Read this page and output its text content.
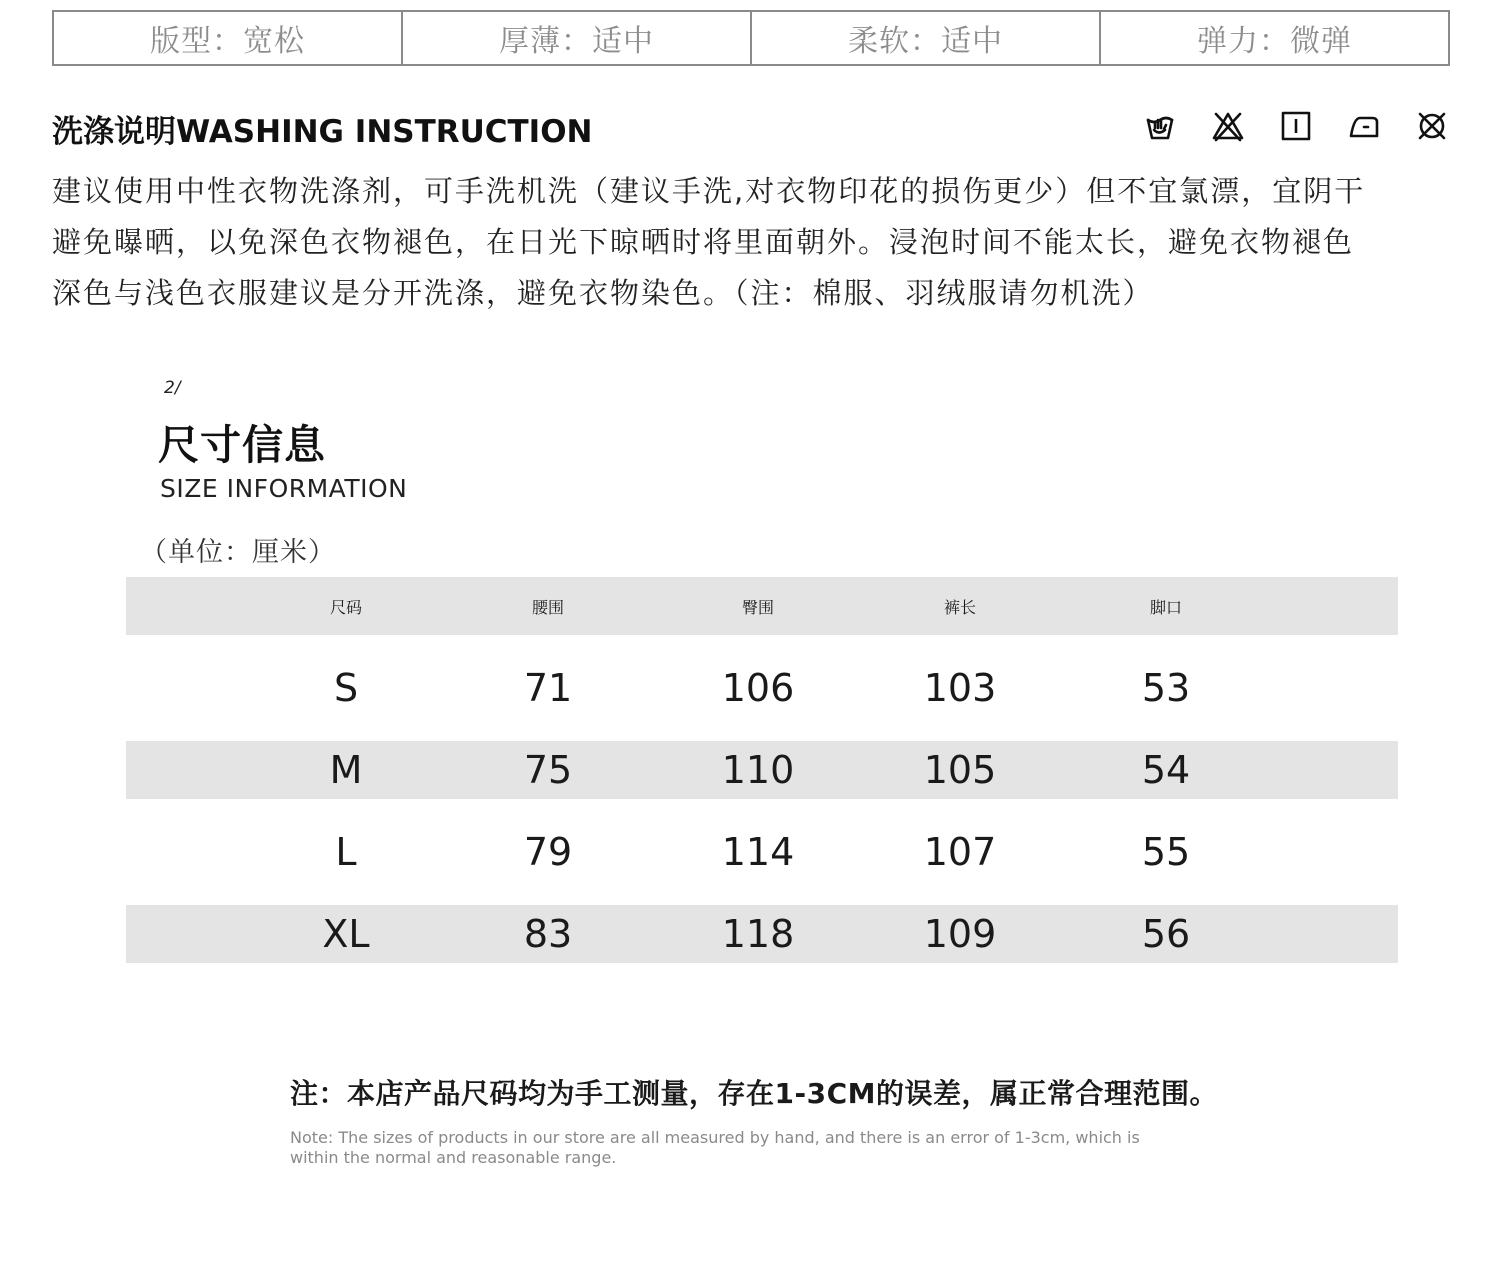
版型：宽松	厚薄：适中	柔软：适中	弹力：微弹
洗涤说明WASHING INSTRUCTION

建议使用中性衣物洗涤剂，可手洗机洗（建议手洗,对衣物印花的损伤更少）但不宜氯漂，宜阴干
避免曝晒，以免深色衣物褪色，在日光下晾晒时将里面朝外。浸泡时间不能太长，避免衣物褪色
深色与浅色衣服建议是分开洗涤，避免衣物染色。（注：棉服、羽绒服请勿机洗）

2/
尺寸信息
SIZE INFORMATION
（单位：厘米）
尺码	腰围	臀围	裤长	脚口
S	71	106	103	53
M	75	110	105	54
L	79	114	107	55
XL	83	118	109	56

注：本店产品尺码均为手工测量，存在1-3CM的误差，属正常合理范围。

Note: The sizes of products in our store are all measured by hand, and there is an error of 1-3cm, which is
within the normal and reasonable range.
